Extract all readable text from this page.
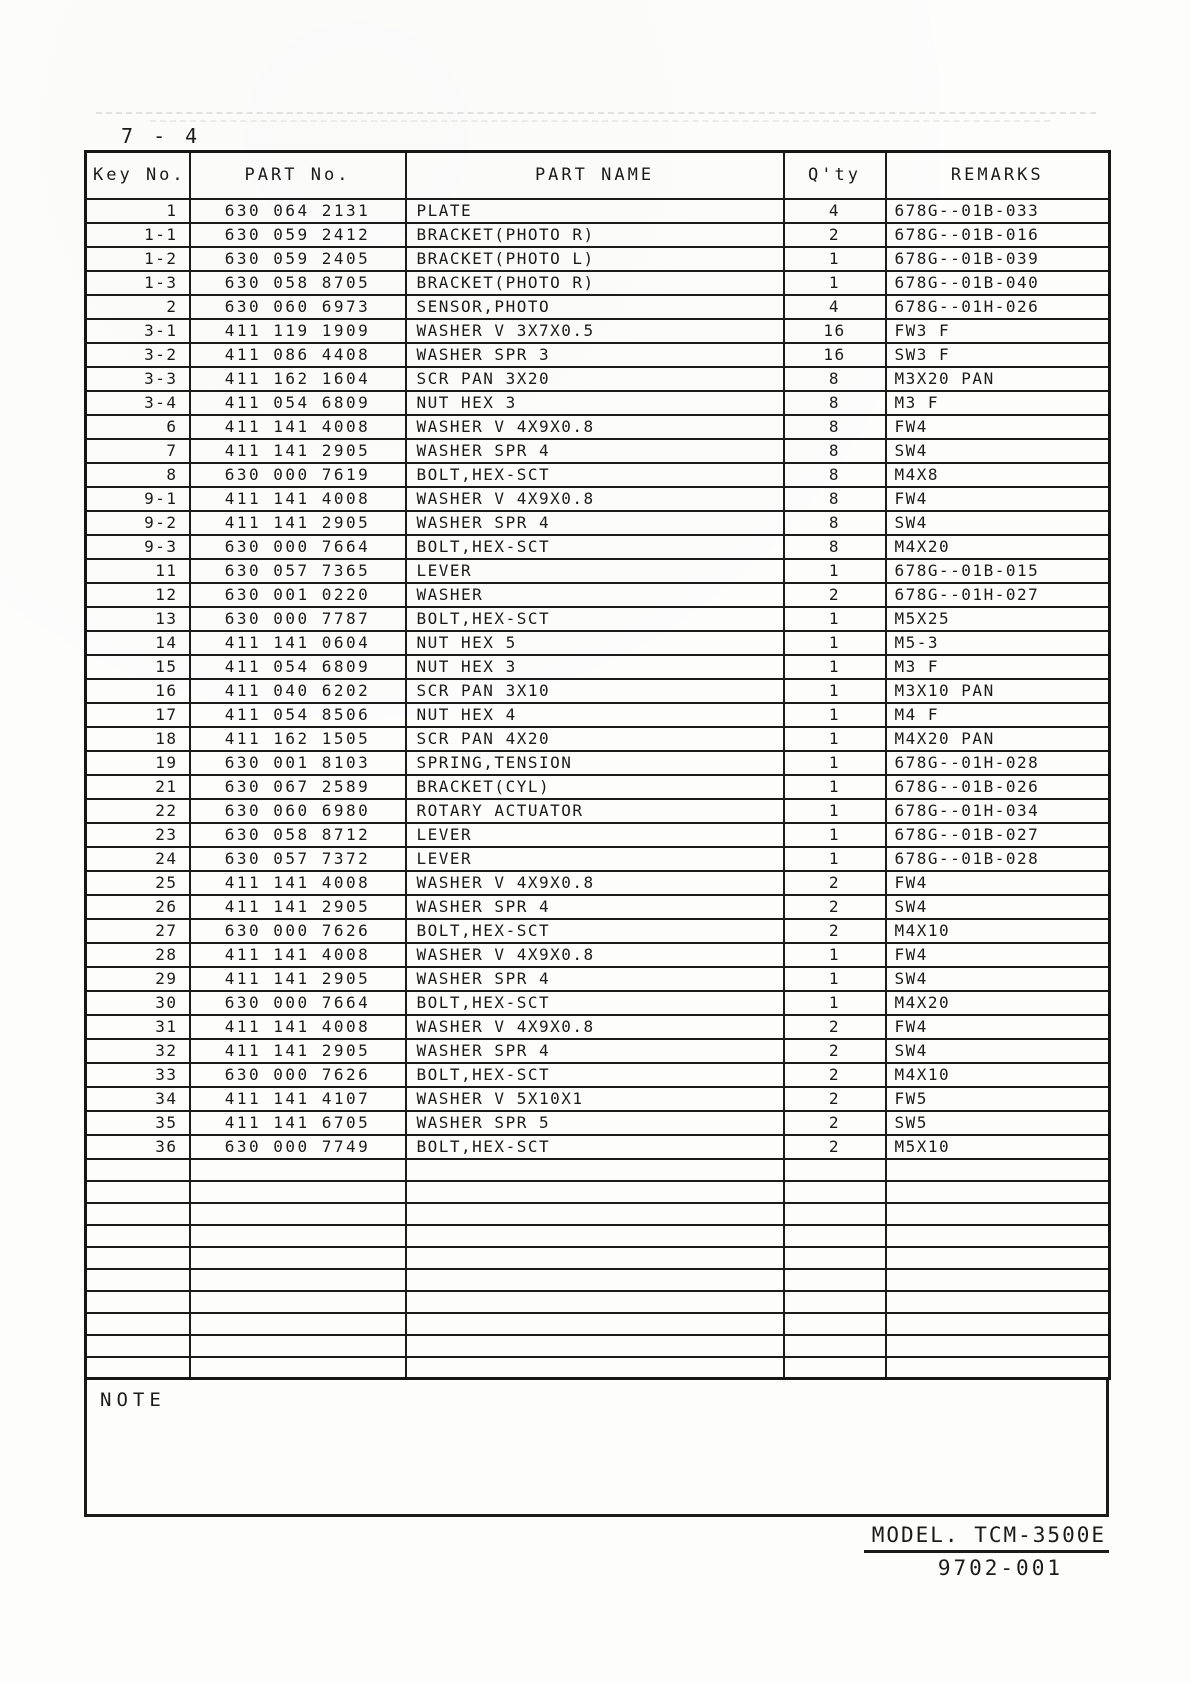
7 - 4
Key No.	PART No.	PART NAME	Q'ty	REMARKS
1	630 064 2131	PLATE	4	678G--01B-033
1-1	630 059 2412	BRACKET(PHOTO R)	2	678G--01B-016
1-2	630 059 2405	BRACKET(PHOTO L)	1	678G--01B-039
1-3	630 058 8705	BRACKET(PHOTO R)	1	678G--01B-040
2	630 060 6973	SENSOR,PHOTO	4	678G--01H-026
3-1	411 119 1909	WASHER V 3X7X0.5	16	FW3 F
3-2	411 086 4408	WASHER SPR 3	16	SW3 F
3-3	411 162 1604	SCR PAN 3X20	8	M3X20 PAN
3-4	411 054 6809	NUT HEX 3	8	M3 F
6	411 141 4008	WASHER V 4X9X0.8	8	FW4
7	411 141 2905	WASHER SPR 4	8	SW4
8	630 000 7619	BOLT,HEX-SCT	8	M4X8
9-1	411 141 4008	WASHER V 4X9X0.8	8	FW4
9-2	411 141 2905	WASHER SPR 4	8	SW4
9-3	630 000 7664	BOLT,HEX-SCT	8	M4X20
11	630 057 7365	LEVER	1	678G--01B-015
12	630 001 0220	WASHER	2	678G--01H-027
13	630 000 7787	BOLT,HEX-SCT	1	M5X25
14	411 141 0604	NUT HEX 5	1	M5-3
15	411 054 6809	NUT HEX 3	1	M3 F
16	411 040 6202	SCR PAN 3X10	1	M3X10 PAN
17	411 054 8506	NUT HEX 4	1	M4 F
18	411 162 1505	SCR PAN 4X20	1	M4X20 PAN
19	630 001 8103	SPRING,TENSION	1	678G--01H-028
21	630 067 2589	BRACKET(CYL)	1	678G--01B-026
22	630 060 6980	ROTARY ACTUATOR	1	678G--01H-034
23	630 058 8712	LEVER	1	678G--01B-027
24	630 057 7372	LEVER	1	678G--01B-028
25	411 141 4008	WASHER V 4X9X0.8	2	FW4
26	411 141 2905	WASHER SPR 4	2	SW4
27	630 000 7626	BOLT,HEX-SCT	2	M4X10
28	411 141 4008	WASHER V 4X9X0.8	1	FW4
29	411 141 2905	WASHER SPR 4	1	SW4
30	630 000 7664	BOLT,HEX-SCT	1	M4X20
31	411 141 4008	WASHER V 4X9X0.8	2	FW4
32	411 141 2905	WASHER SPR 4	2	SW4
33	630 000 7626	BOLT,HEX-SCT	2	M4X10
34	411 141 4107	WASHER V 5X10X1	2	FW5
35	411 141 6705	WASHER SPR 5	2	SW5
36	630 000 7749	BOLT,HEX-SCT	2	M5X10

NOTE
MODEL. TCM-3500E
9702-001
